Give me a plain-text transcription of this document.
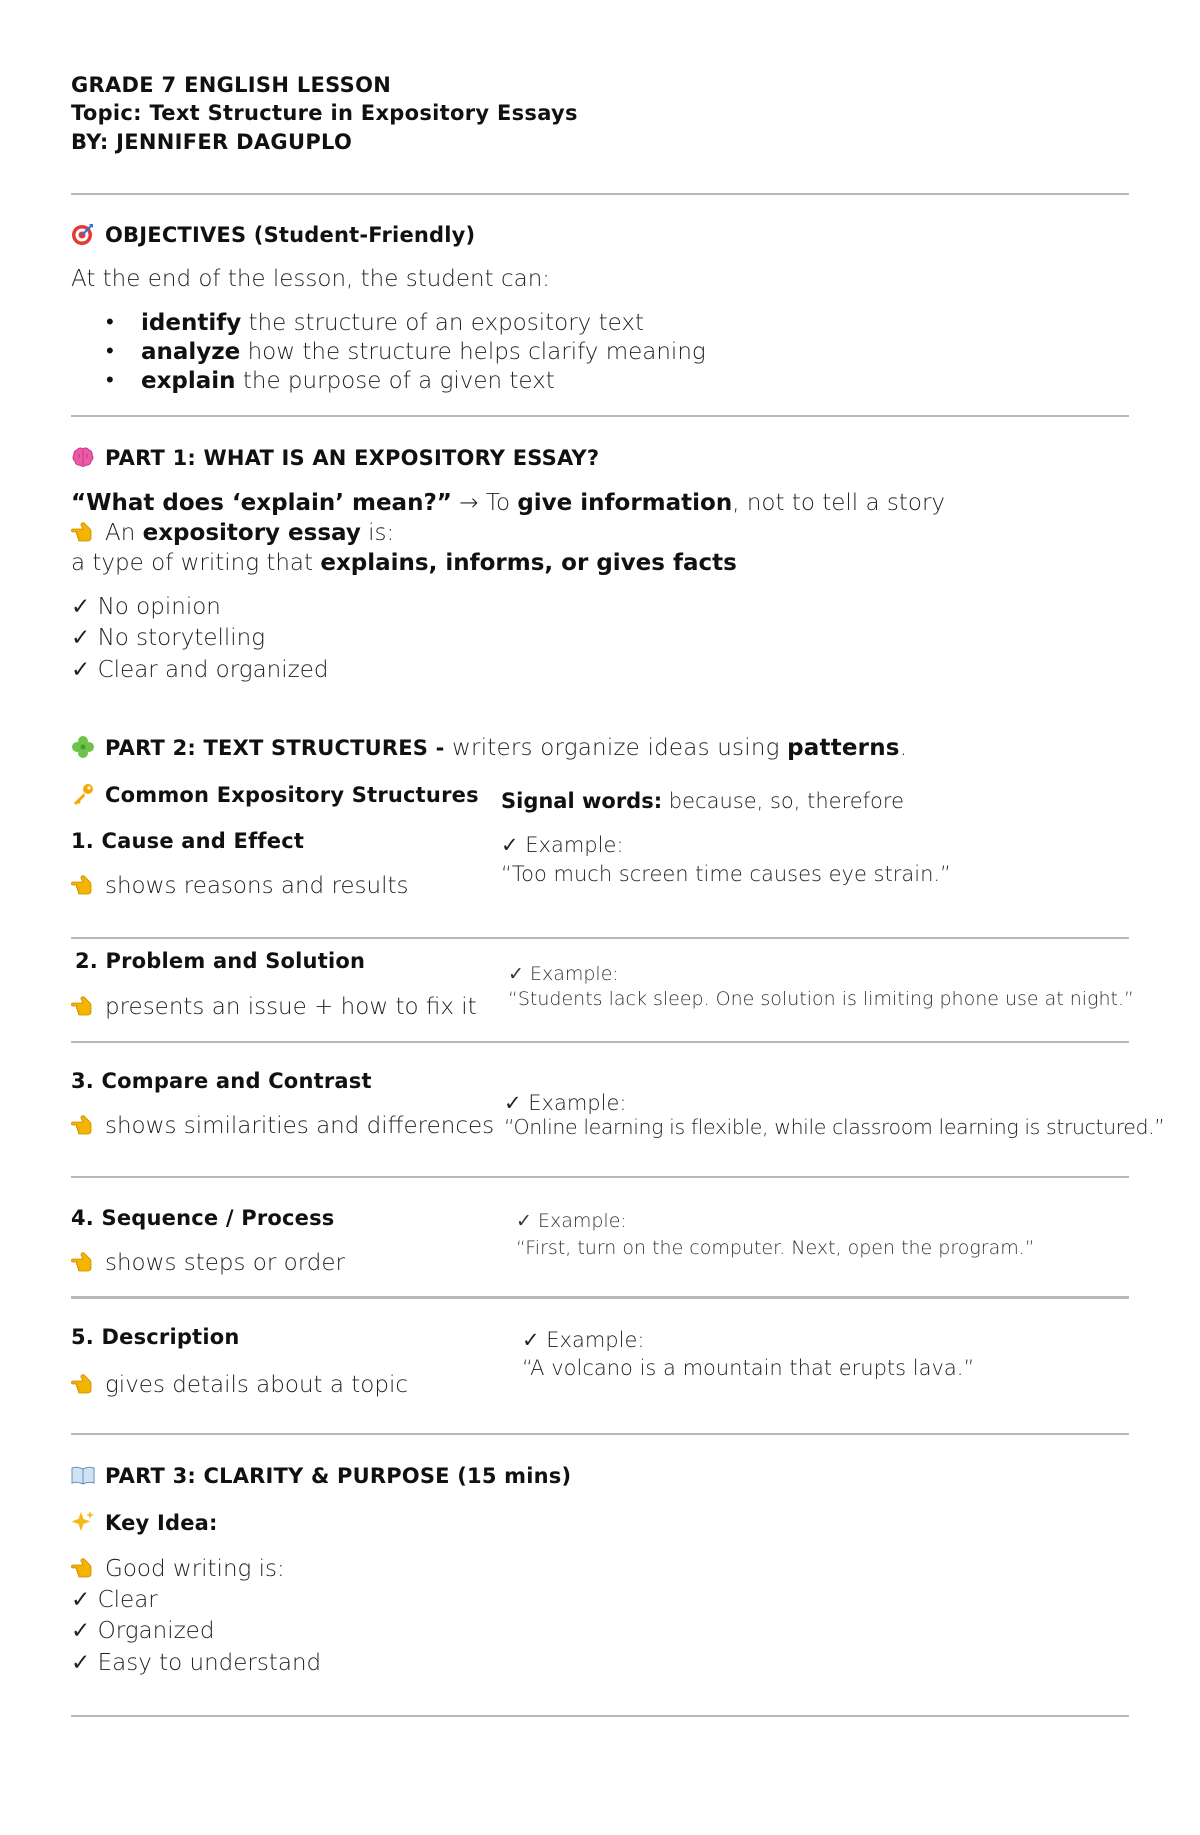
GRADE 7 ENGLISH LESSON
Topic: Text Structure in Expository Essays
BY: JENNIFER DAGUPLO
OBJECTIVES (Student-Friendly)
At the end of the lesson, the student can:
• identify the structure of an expository text
• analyze how the structure helps clarify meaning
• explain the purpose of a given text
PART 1: WHAT IS AN EXPOSITORY ESSAY?
“What does ‘explain’ mean?” → To give information, not to tell a story
An expository essay is:
a type of writing that explains, informs, or gives facts
✓ No opinion
✓ No storytelling
✓ Clear and organized
PART 2: TEXT STRUCTURES - writers organize ideas using patterns.
Common Expository Structures Signal words: because, so, therefore
1. Cause and Effect
shows reasons and results
✓ Example:
“Too much screen time causes eye strain.”
2. Problem and Solution
presents an issue + how to fix it
✓ Example:
“Students lack sleep. One solution is limiting phone use at night.”
3. Compare and Contrast
shows similarities and differences
✓ Example:
“Online learning is flexible, while classroom learning is structured.”
4. Sequence / Process
shows steps or order
✓ Example:
“First, turn on the computer. Next, open the program.”
5. Description
gives details about a topic
✓ Example:
“A volcano is a mountain that erupts lava.”
PART 3: CLARITY & PURPOSE (15 mins)
Key Idea:
Good writing is:
✓ Clear
✓ Organized
✓ Easy to understand
